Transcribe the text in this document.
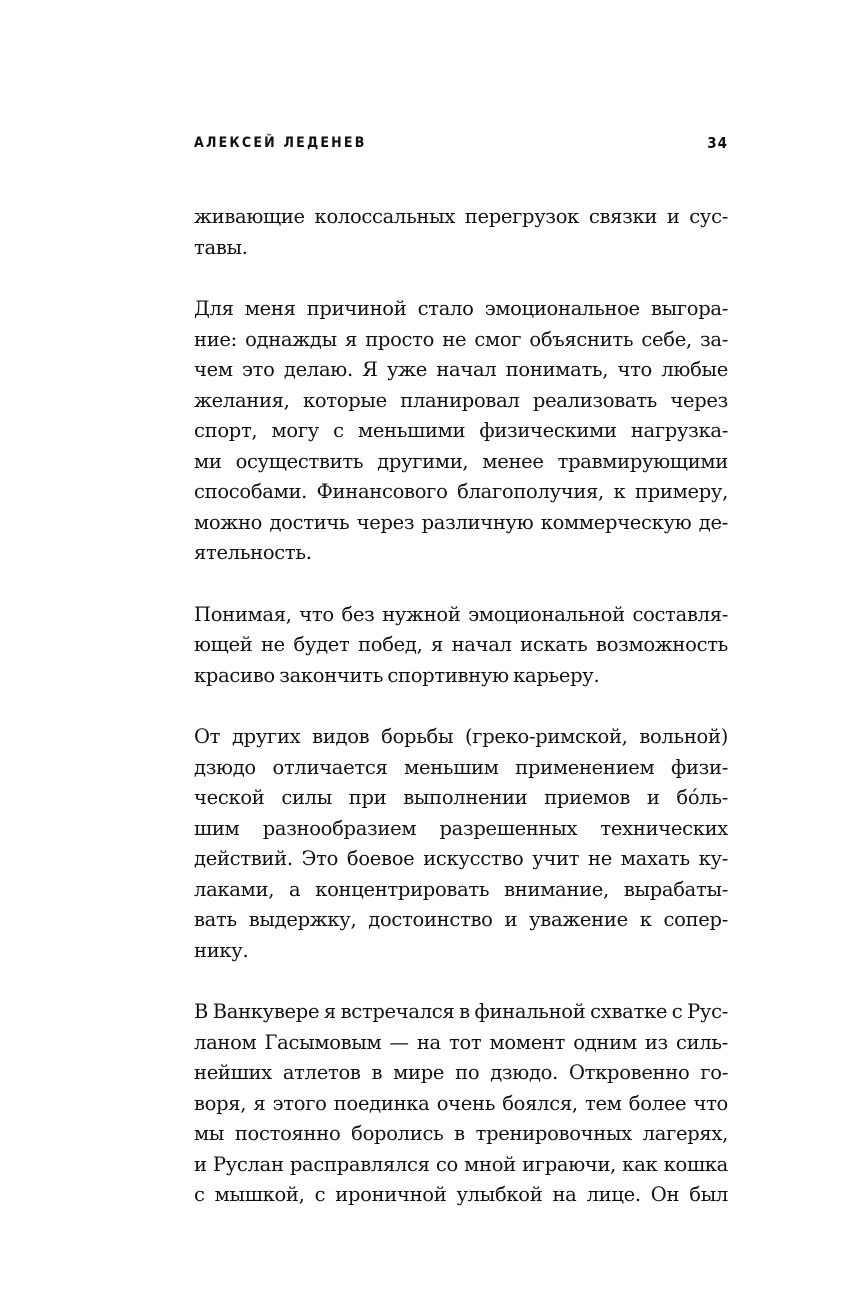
АЛЕКСЕЙ ЛЕДЕНЕВ	34

живающие колоссальных перегрузок связки и сус-
тавы.

Для меня причиной стало эмоциональное выгора-
ние: однажды я просто не смог объяснить себе, за-
чем это делаю. Я уже начал понимать, что любые
желания, которые планировал реализовать через
спорт, могу с меньшими физическими нагрузка-
ми осуществить другими, менее травмирующими
способами. Финансового благополучия, к примеру,
можно достичь через различную коммерческую де-
ятельность.

Понимая, что без нужной эмоциональной составля-
ющей не будет побед, я начал искать возможность
красиво закончить спортивную карьеру.

От других видов борьбы (греко-римской, вольной)
дзюдо отличается меньшим применением физи-
ческой силы при выполнении приемов и бóль-
шим разнообразием разрешенных технических
действий. Это боевое искусство учит не махать ку-
лаками, а концентрировать внимание, вырабаты-
вать выдержку, достоинство и уважение к сопер-
нику.

В Ванкувере я встречался в финальной схватке с Рус-
ланом Гасымовым — на тот момент одним из силь-
нейших атлетов в мире по дзюдо. Откровенно го-
воря, я этого поединка очень боялся, тем более что
мы постоянно боролись в тренировочных лагерях,
и Руслан расправлялся со мной играючи, как кошка
с мышкой, с ироничной улыбкой на лице. Он был
